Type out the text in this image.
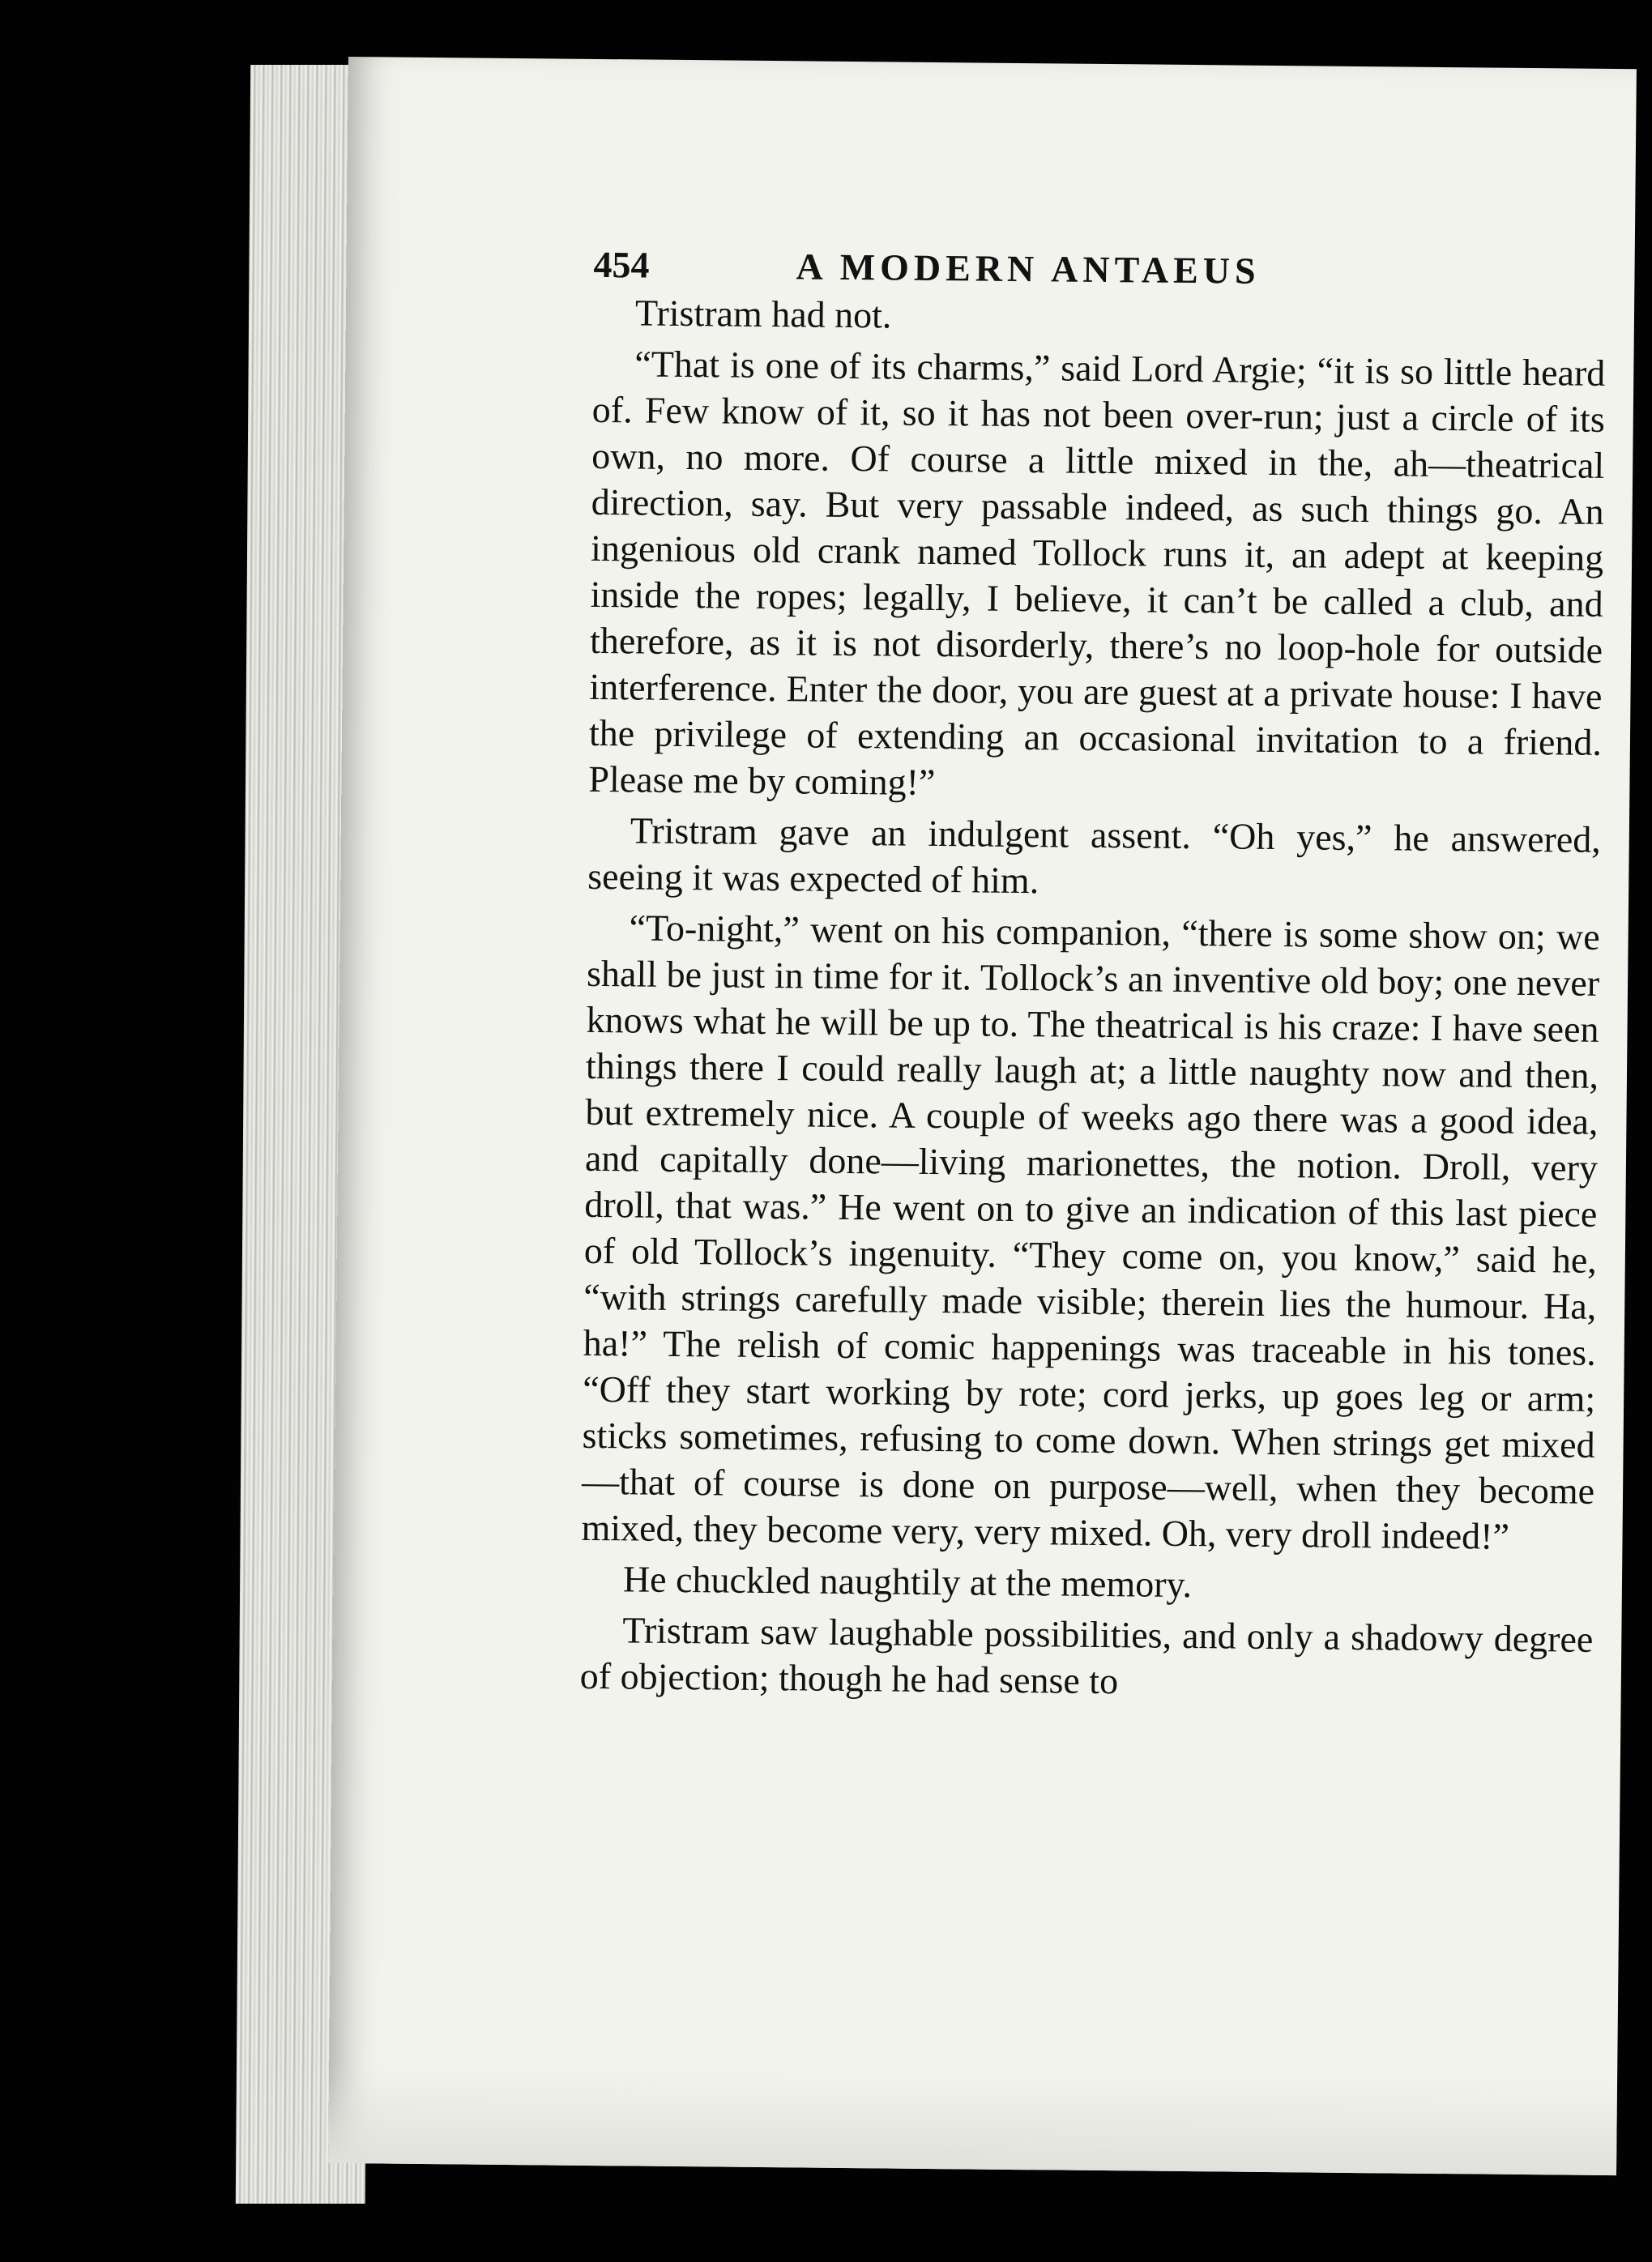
454	A MODERN ANTAEUS

Tristram had not.

“That is one of its charms,” said Lord Argie; “it is so little heard of. Few know of it, so it has not been over-run; just a circle of its own, no more. Of course a little mixed in the, ah—theatrical direction, say. But very passable indeed, as such things go. An ingenious old crank named Tollock runs it, an adept at keeping inside the ropes; legally, I believe, it can’t be called a club, and therefore, as it is not disorderly, there’s no loop-hole for outside interference. Enter the door, you are guest at a private house: I have the privilege of extending an occasional invitation to a friend. Please me by coming!”

Tristram gave an indulgent assent. “Oh yes,” he answered, seeing it was expected of him.

“To-night,” went on his companion, “there is some show on; we shall be just in time for it. Tollock’s an inventive old boy; one never knows what he will be up to. The theatrical is his craze: I have seen things there I could really laugh at; a little naughty now and then, but extremely nice. A couple of weeks ago there was a good idea, and capitally done—living marionettes, the notion. Droll, very droll, that was.” He went on to give an indication of this last piece of old Tollock’s ingenuity. “They come on, you know,” said he, “with strings carefully made visible; therein lies the humour. Ha, ha!” The relish of comic happenings was traceable in his tones. “Off they start working by rote; cord jerks, up goes leg or arm; sticks sometimes, refusing to come down. When strings get mixed —that of course is done on purpose—well, when they become mixed, they become very, very mixed. Oh, very droll indeed!”

He chuckled naughtily at the memory.

Tristram saw laughable possibilities, and only a shadowy degree of objection; though he had sense to
